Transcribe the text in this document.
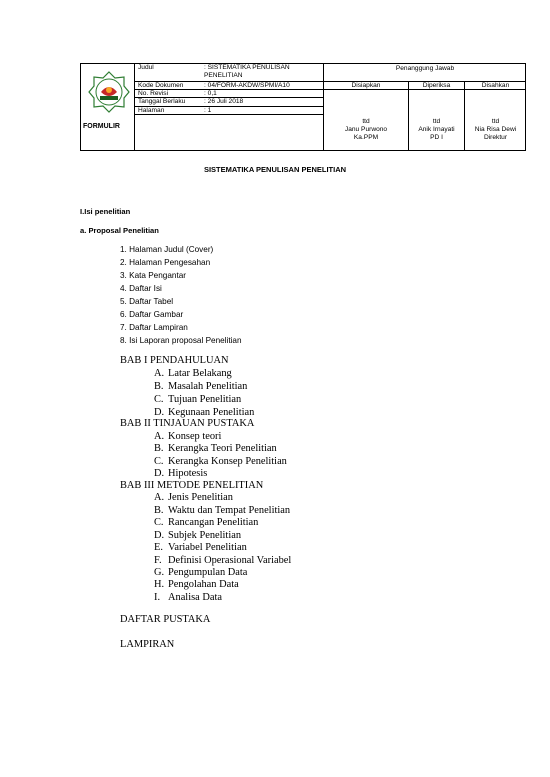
Judul	: SISTEMATIKA PENULISAN PENELITIAN
Kode Dokumen	: 04/FORM-AKDW/SPMI/A10
No. Revisi	: 0,1
Tanggal Berlaku	: 26 Juli 2018
Halaman	: 1
FORMULIR
Penanggung Jawab
Disiapkan	Diperiksa	Disahkan
ttd
Janu Purwono
Ka.PPM
ttd
Anik Irnayati
PD I
ttd
Nia Risa Dewi
Direktur
SISTEMATIKA PENULISAN PENELITIAN
I.Isi penelitian
a. Proposal Penelitian
1. Halaman Judul (Cover)
2. Halaman Pengesahan
3. Kata Pengantar
4. Daftar Isi
5. Daftar Tabel
6. Daftar Gambar
7. Daftar Lampiran
8. Isi Laporan proposal Penelitian
BAB I PENDAHULUAN
A. Latar Belakang
B. Masalah Penelitian
C. Tujuan Penelitian
D. Kegunaan Penelitian
BAB II TINJAUAN PUSTAKA
A. Konsep teori
B. Kerangka Teori Penelitian
C. Kerangka Konsep Penelitian
D. Hipotesis
BAB III METODE PENELITIAN
A. Jenis Penelitian
B. Waktu dan Tempat Penelitian
C. Rancangan Penelitian
D. Subjek Penelitian
E. Variabel Penelitian
F. Definisi Operasional Variabel
G. Pengumpulan Data
H. Pengolahan Data
I. Analisa Data
DAFTAR PUSTAKA
LAMPIRAN
